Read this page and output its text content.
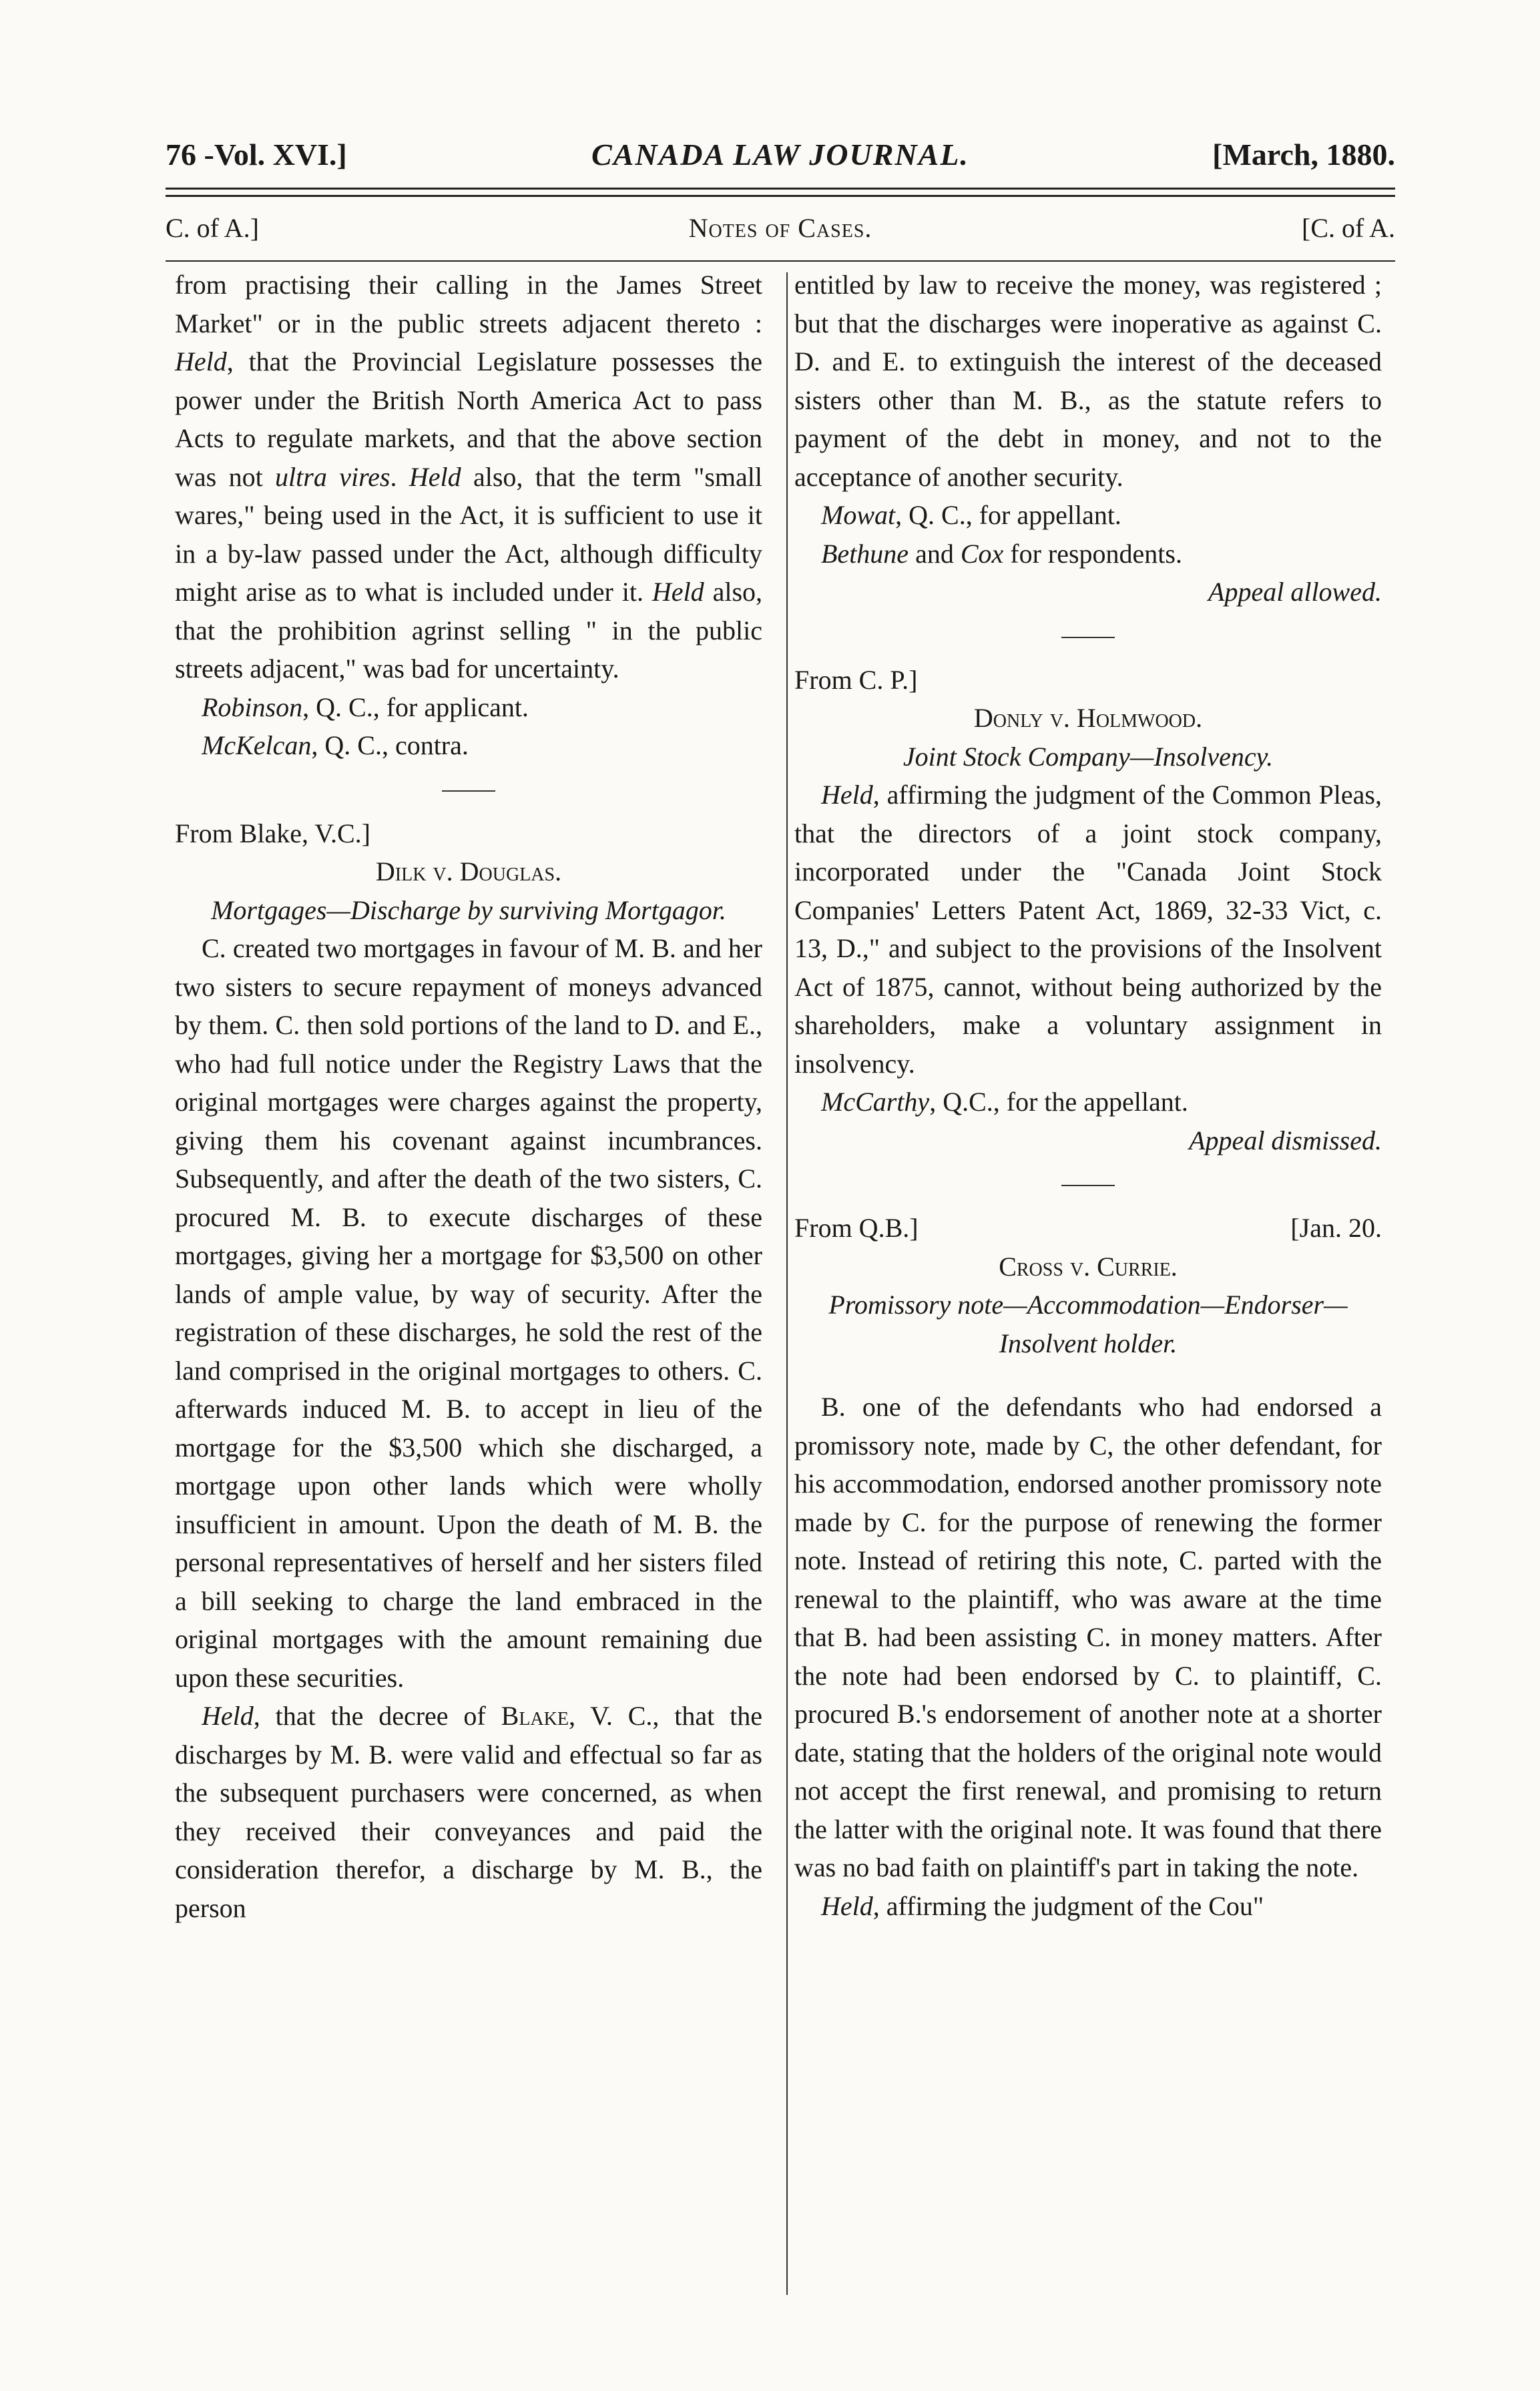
76 -Vol. XVI.]	CANADA LAW JOURNAL.	[March, 1880.
C. of A.]	Notes of Cases.	[C. of A.

from practising their calling in the James Street Market" or in the public streets adjacent thereto : Held, that the Provincial Legislature possesses the power under the British North America Act to pass Acts to regulate markets, and that the above section was not ultra vires. Held also, that the term "small wares," being used in the Act, it is sufficient to use it in a by-law passed under the Act, although difficulty might arise as to what is included under it. Held also, that the prohibition agrinst selling " in the public streets adjacent," was bad for uncertainty.

Robinson, Q. C., for applicant.

McKelcan, Q. C., contra.

From Blake, V.C.]

Dilk v. Douglas.

Mortgages—Discharge by surviving Mortgagor.

C. created two mortgages in favour of M. B. and her two sisters to secure repayment of moneys advanced by them. C. then sold portions of the land to D. and E., who had full notice under the Registry Laws that the original mortgages were charges against the property, giving them his covenant against incumbrances. Subsequently, and after the death of the two sisters, C. procured M. B. to execute discharges of these mortgages, giving her a mortgage for $3,500 on other lands of ample value, by way of security. After the registration of these discharges, he sold the rest of the land comprised in the original mortgages to others. C. afterwards induced M. B. to accept in lieu of the mortgage for the $3,500 which she discharged, a mortgage upon other lands which were wholly insufficient in amount. Upon the death of M. B. the personal representatives of herself and her sisters filed a bill seeking to charge the land embraced in the original mortgages with the amount remaining due upon these securities.

Held, that the decree of Blake, V. C., that the discharges by M. B. were valid and effectual so far as the subsequent purchasers were concerned, as when they received their conveyances and paid the consideration therefor, a discharge by M. B., the person

entitled by law to receive the money, was registered ; but that the discharges were inoperative as against C. D. and E. to extinguish the interest of the deceased sisters other than M. B., as the statute refers to payment of the debt in money, and not to the acceptance of another security.

Mowat, Q. C., for appellant.

Bethune and Cox for respondents.

Appeal allowed.

From C. P.]

Donly v. Holmwood.

Joint Stock Company—Insolvency.

Held, affirming the judgment of the Common Pleas, that the directors of a joint stock company, incorporated under the "Canada Joint Stock Companies' Letters Patent Act, 1869, 32-33 Vict, c. 13, D.," and subject to the provisions of the Insolvent Act of 1875, cannot, without being authorized by the shareholders, make a voluntary assignment in insolvency.

McCarthy, Q.C., for the appellant.

Appeal dismissed.

From Q.B.]	[Jan. 20.

Cross v. Currie.

Promissory note—Accommodation—Endorser—Insolvent holder.

B. one of the defendants who had endorsed a promissory note, made by C, the other defendant, for his accommodation, endorsed another promissory note made by C. for the purpose of renewing the former note. Instead of retiring this note, C. parted with the renewal to the plaintiff, who was aware at the time that B. had been assisting C. in money matters. After the note had been endorsed by C. to plaintiff, C. procured B.'s endorsement of another note at a shorter date, stating that the holders of the original note would not accept the first renewal, and promising to return the latter with the original note. It was found that there was no bad faith on plaintiff's part in taking the note.

Held, affirming the judgment of the Cou"
